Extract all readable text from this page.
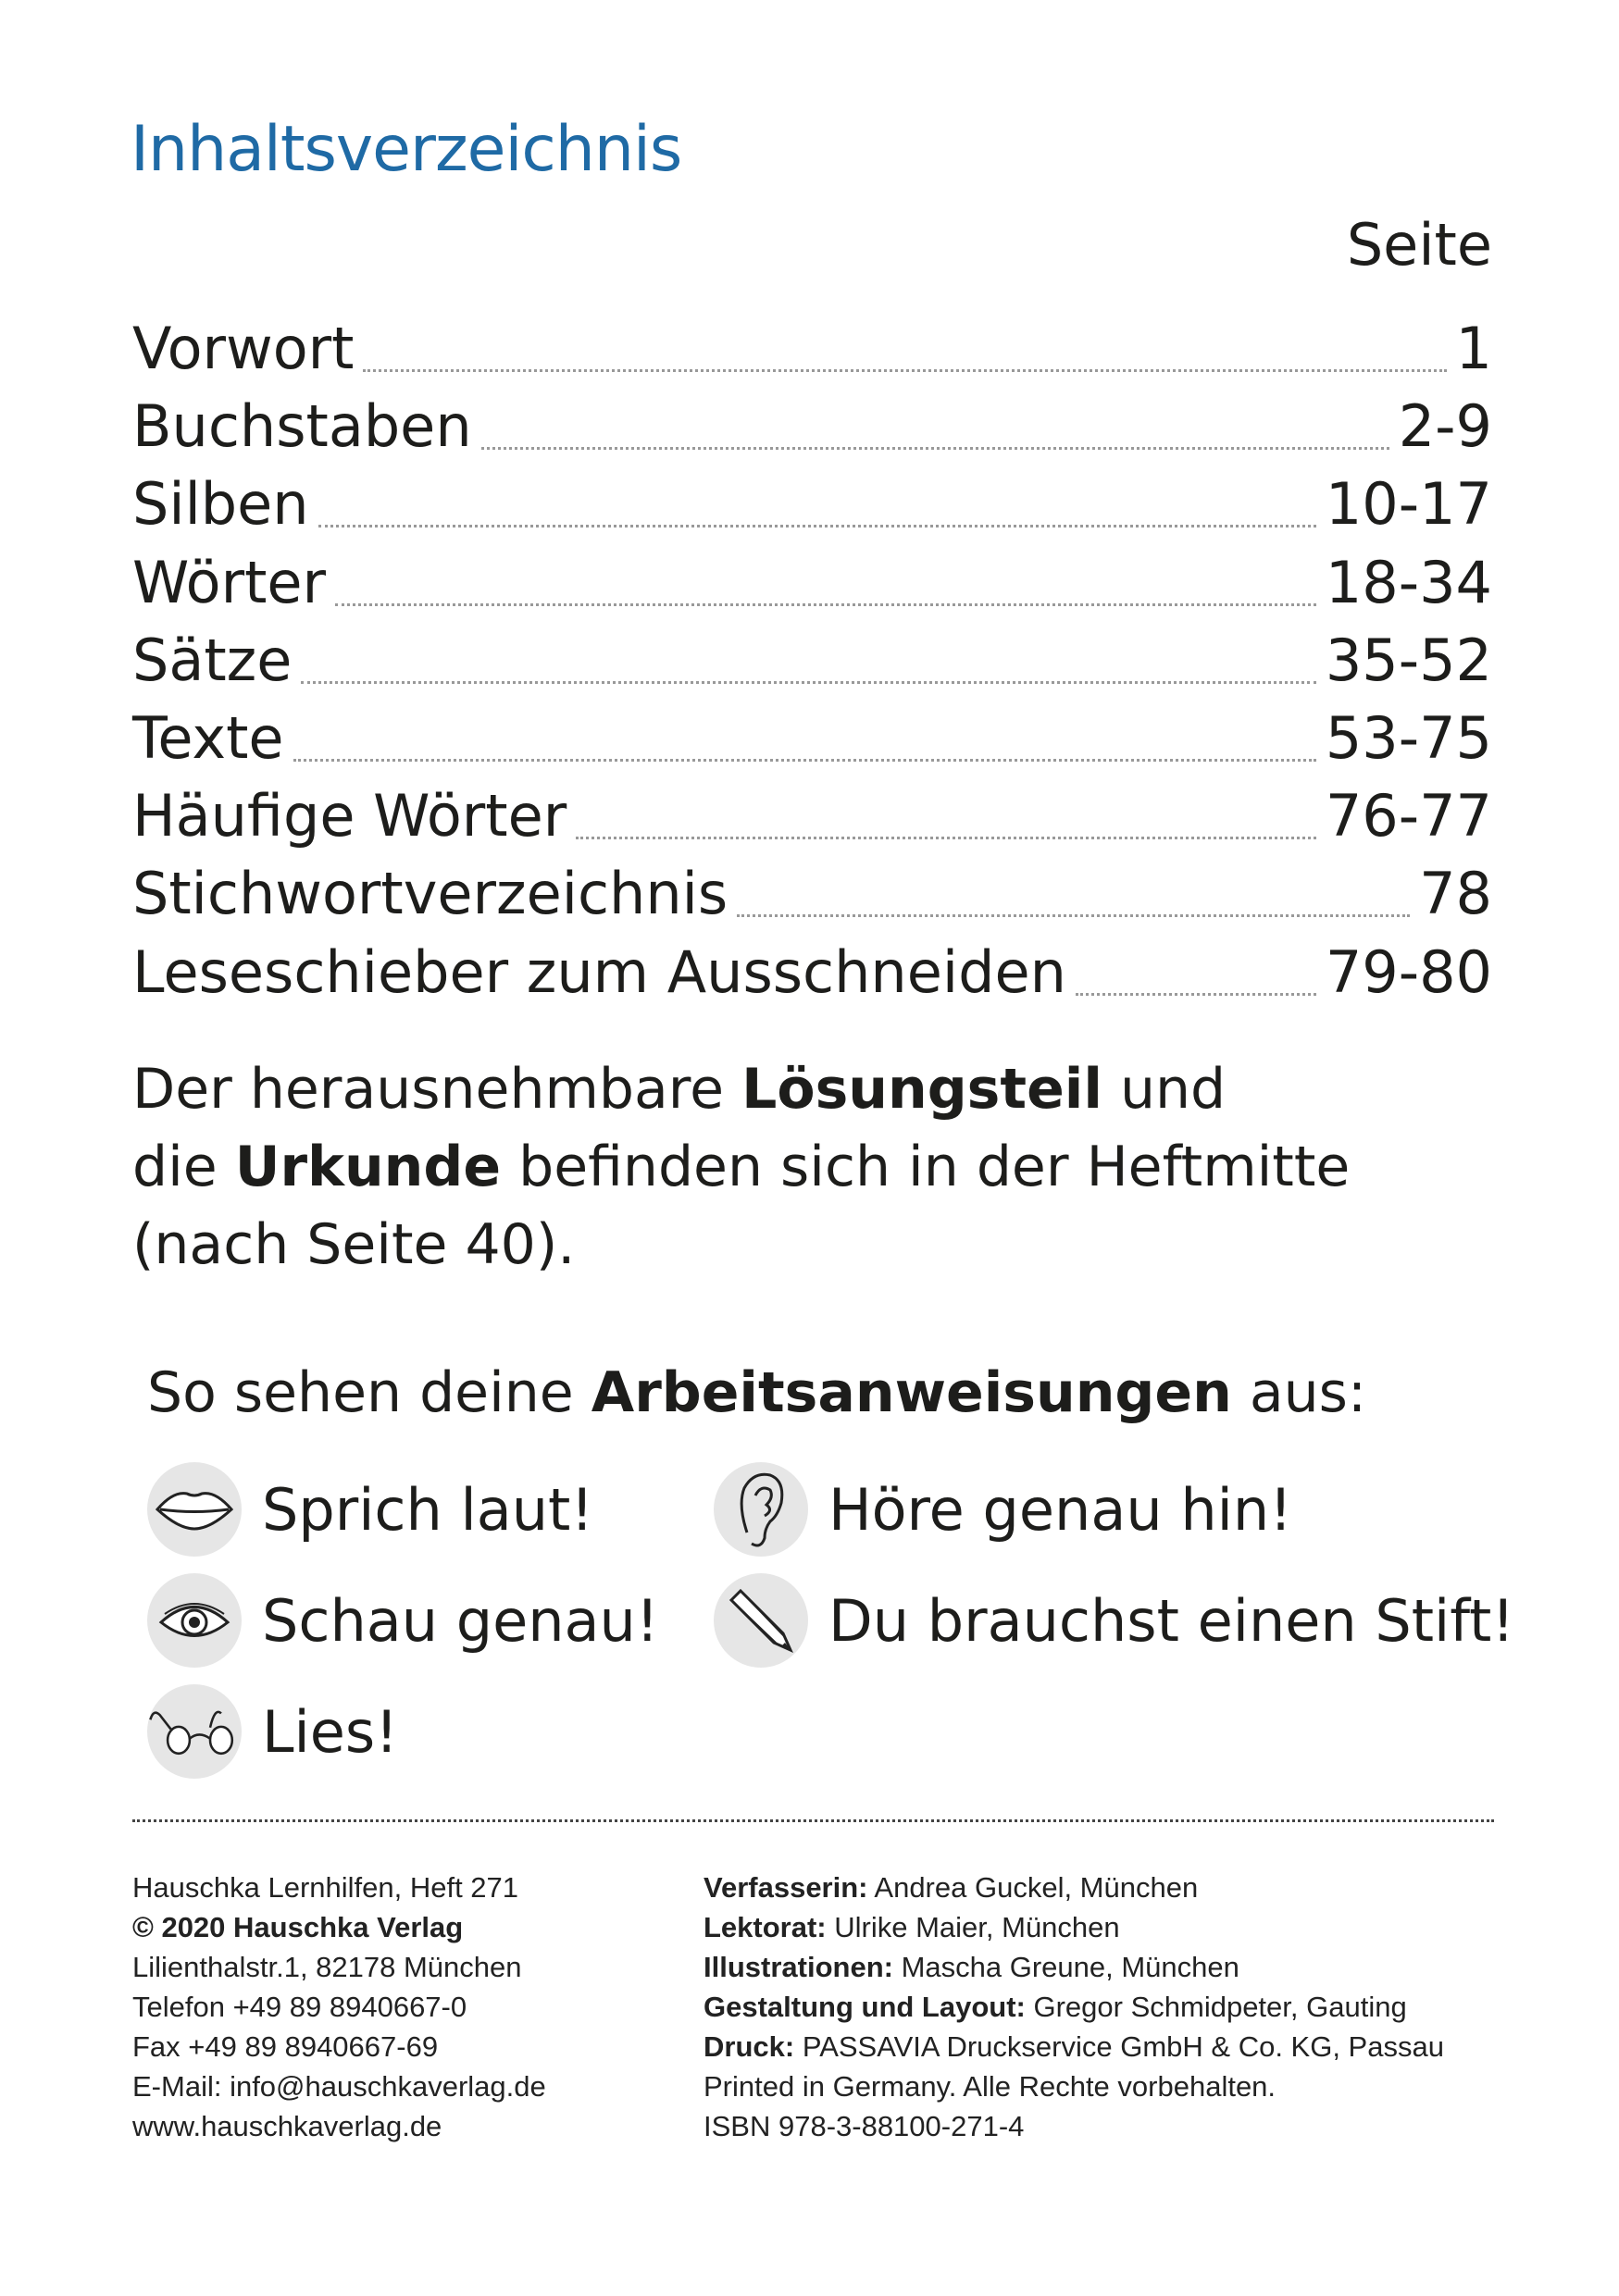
Inhaltsverzeichnis
Seite
Vorwort	1
Buchstaben	2-9
Silben	10-17
Wörter	18-34
Sätze	35-52
Texte	53-75
Häufige Wörter	76-77
Stichwortverzeichnis	78
Leseschieber zum Ausschneiden	79-80
Der herausnehmbare Lösungsteil und
die Urkunde befinden sich in der Heftmitte
(nach Seite 40).
So sehen deine Arbeitsanweisungen aus:
Sprich laut!	Höre genau hin!
Schau genau!	Du brauchst einen Stift!
Lies!
Hauschka Lernhilfen, Heft 271
© 2020 Hauschka Verlag
Lilienthalstr.1, 82178 München
Telefon +49 89 8940667-0
Fax +49 89 8940667-69
E-Mail: info@hauschkaverlag.de
www.hauschkaverlag.de
Verfasserin: Andrea Guckel, München
Lektorat: Ulrike Maier, München
Illustrationen: Mascha Greune, München
Gestaltung und Layout: Gregor Schmidpeter, Gauting
Druck: PASSAVIA Druckservice GmbH & Co. KG, Passau
Printed in Germany. Alle Rechte vorbehalten.
ISBN 978-3-88100-271-4
